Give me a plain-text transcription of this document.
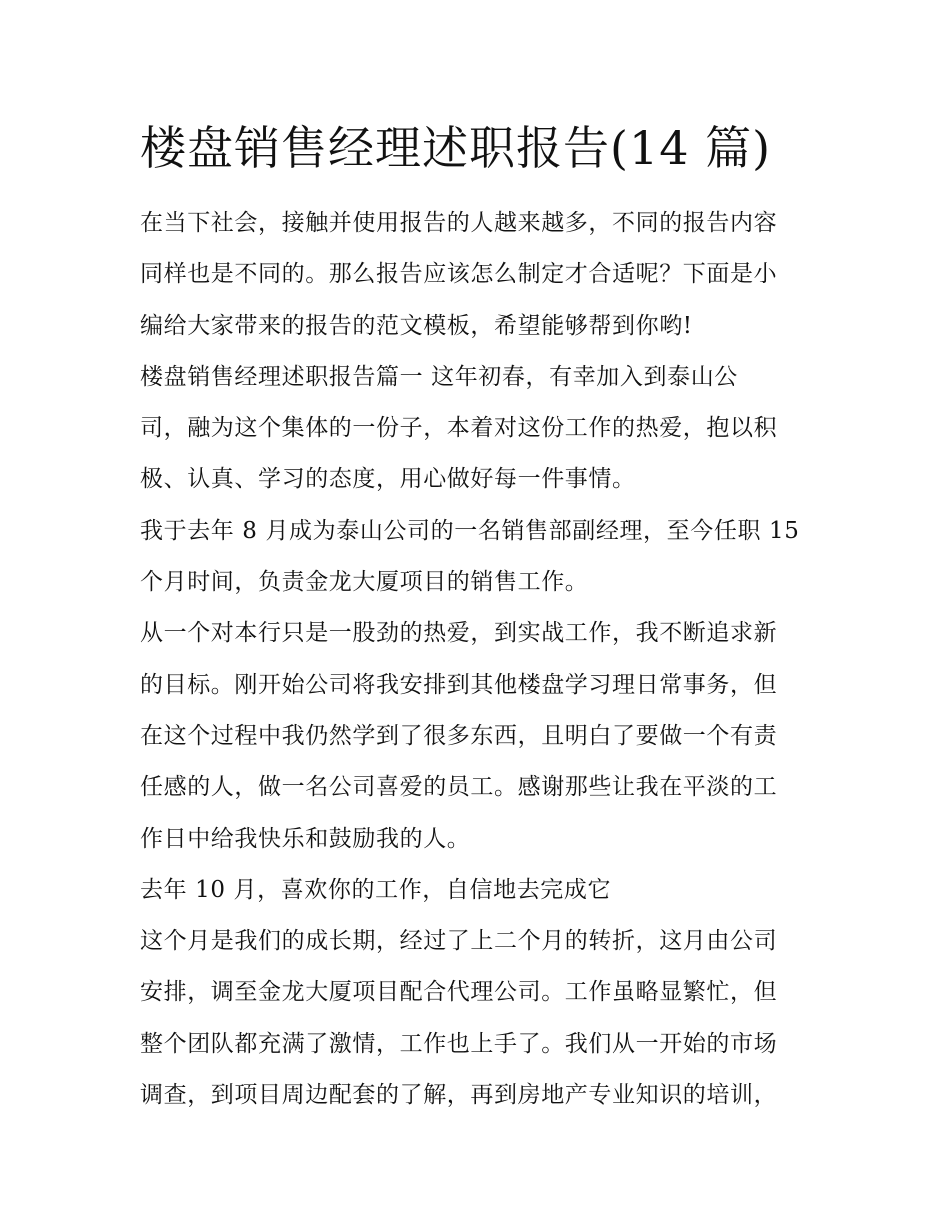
楼盘销售经理述职报告(14 篇)
在当下社会，接触并使用报告的人越来越多，不同的报告内容
同样也是不同的。那么报告应该怎么制定才合适呢？下面是小
编给大家带来的报告的范文模板，希望能够帮到你哟!
楼盘销售经理述职报告篇一 这年初春，有幸加入到泰山公
司，融为这个集体的一份子，本着对这份工作的热爱，抱以积
极、认真、学习的态度，用心做好每一件事情。
我于去年 8 月成为泰山公司的一名销售部副经理，至今任职 15
个月时间，负责金龙大厦项目的销售工作。
从一个对本行只是一股劲的热爱，到实战工作，我不断追求新
的目标。刚开始公司将我安排到其他楼盘学习理日常事务，但
在这个过程中我仍然学到了很多东西，且明白了要做一个有责
任感的人，做一名公司喜爱的员工。感谢那些让我在平淡的工
作日中给我快乐和鼓励我的人。
去年 10 月，喜欢你的工作，自信地去完成它
这个月是我们的成长期，经过了上二个月的转折，这月由公司
安排，调至金龙大厦项目配合代理公司。工作虽略显繁忙，但
整个团队都充满了激情，工作也上手了。我们从一开始的市场
调查，到项目周边配套的了解，再到房地产专业知识的培训，
